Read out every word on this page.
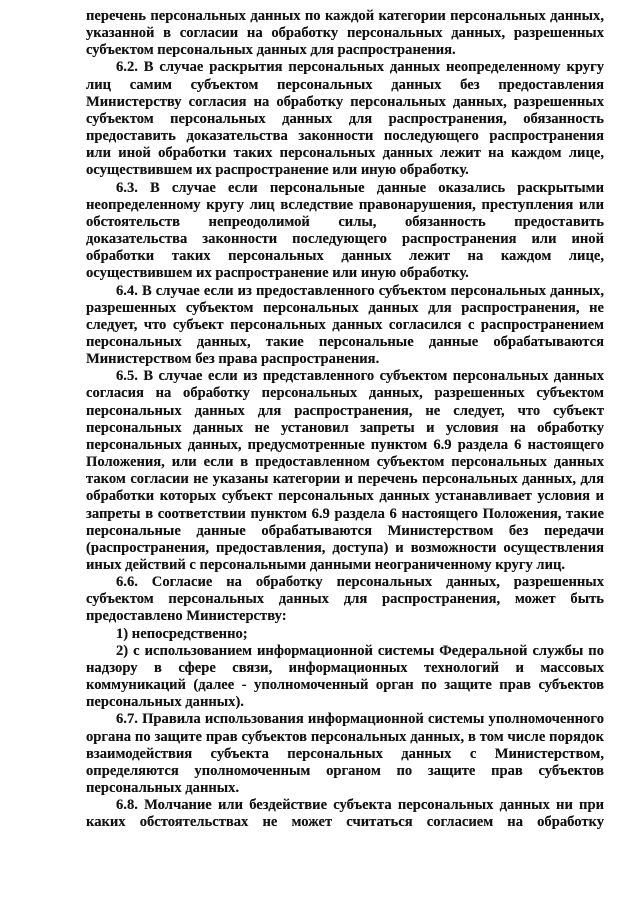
перечень персональных данных по каждой категории персональных данных, указанной в согласии на обработку персональных данных, разрешенных субъектом персональных данных для распространения.

6.2. В случае раскрытия персональных данных неопределенному кругу лиц самим субъектом персональных данных без предоставления Министерству согласия на обработку персональных данных, разрешенных субъектом персональных данных для распространения, обязанность предоставить доказательства законности последующего распространения или иной обработки таких персональных данных лежит на каждом лице, осуществившем их распространение или иную обработку.

6.3. В случае если персональные данные оказались раскрытыми неопределенному кругу лиц вследствие правонарушения, преступления или обстоятельств непреодолимой силы, обязанность предоставить доказательства законности последующего распространения или иной обработки таких персональных данных лежит на каждом лице, осуществившем их распространение или иную обработку.

6.4. В случае если из предоставленного субъектом персональных данных, разрешенных субъектом персональных данных для распространения, не следует, что субъект персональных данных согласился с распространением персональных данных, такие персональные данные обрабатываются Министерством без права распространения.

6.5. В случае если из представленного субъектом персональных данных согласия на обработку персональных данных, разрешенных субъектом персональных данных для распространения, не следует, что субъект персональных данных не установил запреты и условия на обработку персональных данных, предусмотренные пунктом 6.9 раздела 6 настоящего Положения, или если в предоставленном субъектом персональных данных таком согласии не указаны категории и перечень персональных данных, для обработки которых субъект персональных данных устанавливает условия и запреты в соответствии пунктом 6.9 раздела 6 настоящего Положения, такие персональные данные обрабатываются Министерством без передачи (распространения, предоставления, доступа) и возможности осуществления иных действий с персональными данными неограниченному кругу лиц.

6.6. Согласие на обработку персональных данных, разрешенных субъектом персональных данных для распространения, может быть предоставлено Министерству:

1) непосредственно;

2) с использованием информационной системы Федеральной службы по надзору в сфере связи, информационных технологий и массовых коммуникаций (далее - уполномоченный орган по защите прав субъектов персональных данных).

6.7. Правила использования информационной системы уполномоченного органа по защите прав субъектов персональных данных, в том числе порядок взаимодействия субъекта персональных данных с Министерством, определяются уполномоченным органом по защите прав субъектов персональных данных.

6.8. Молчание или бездействие субъекта персональных данных ни при каких обстоятельствах не может считаться согласием на обработку
